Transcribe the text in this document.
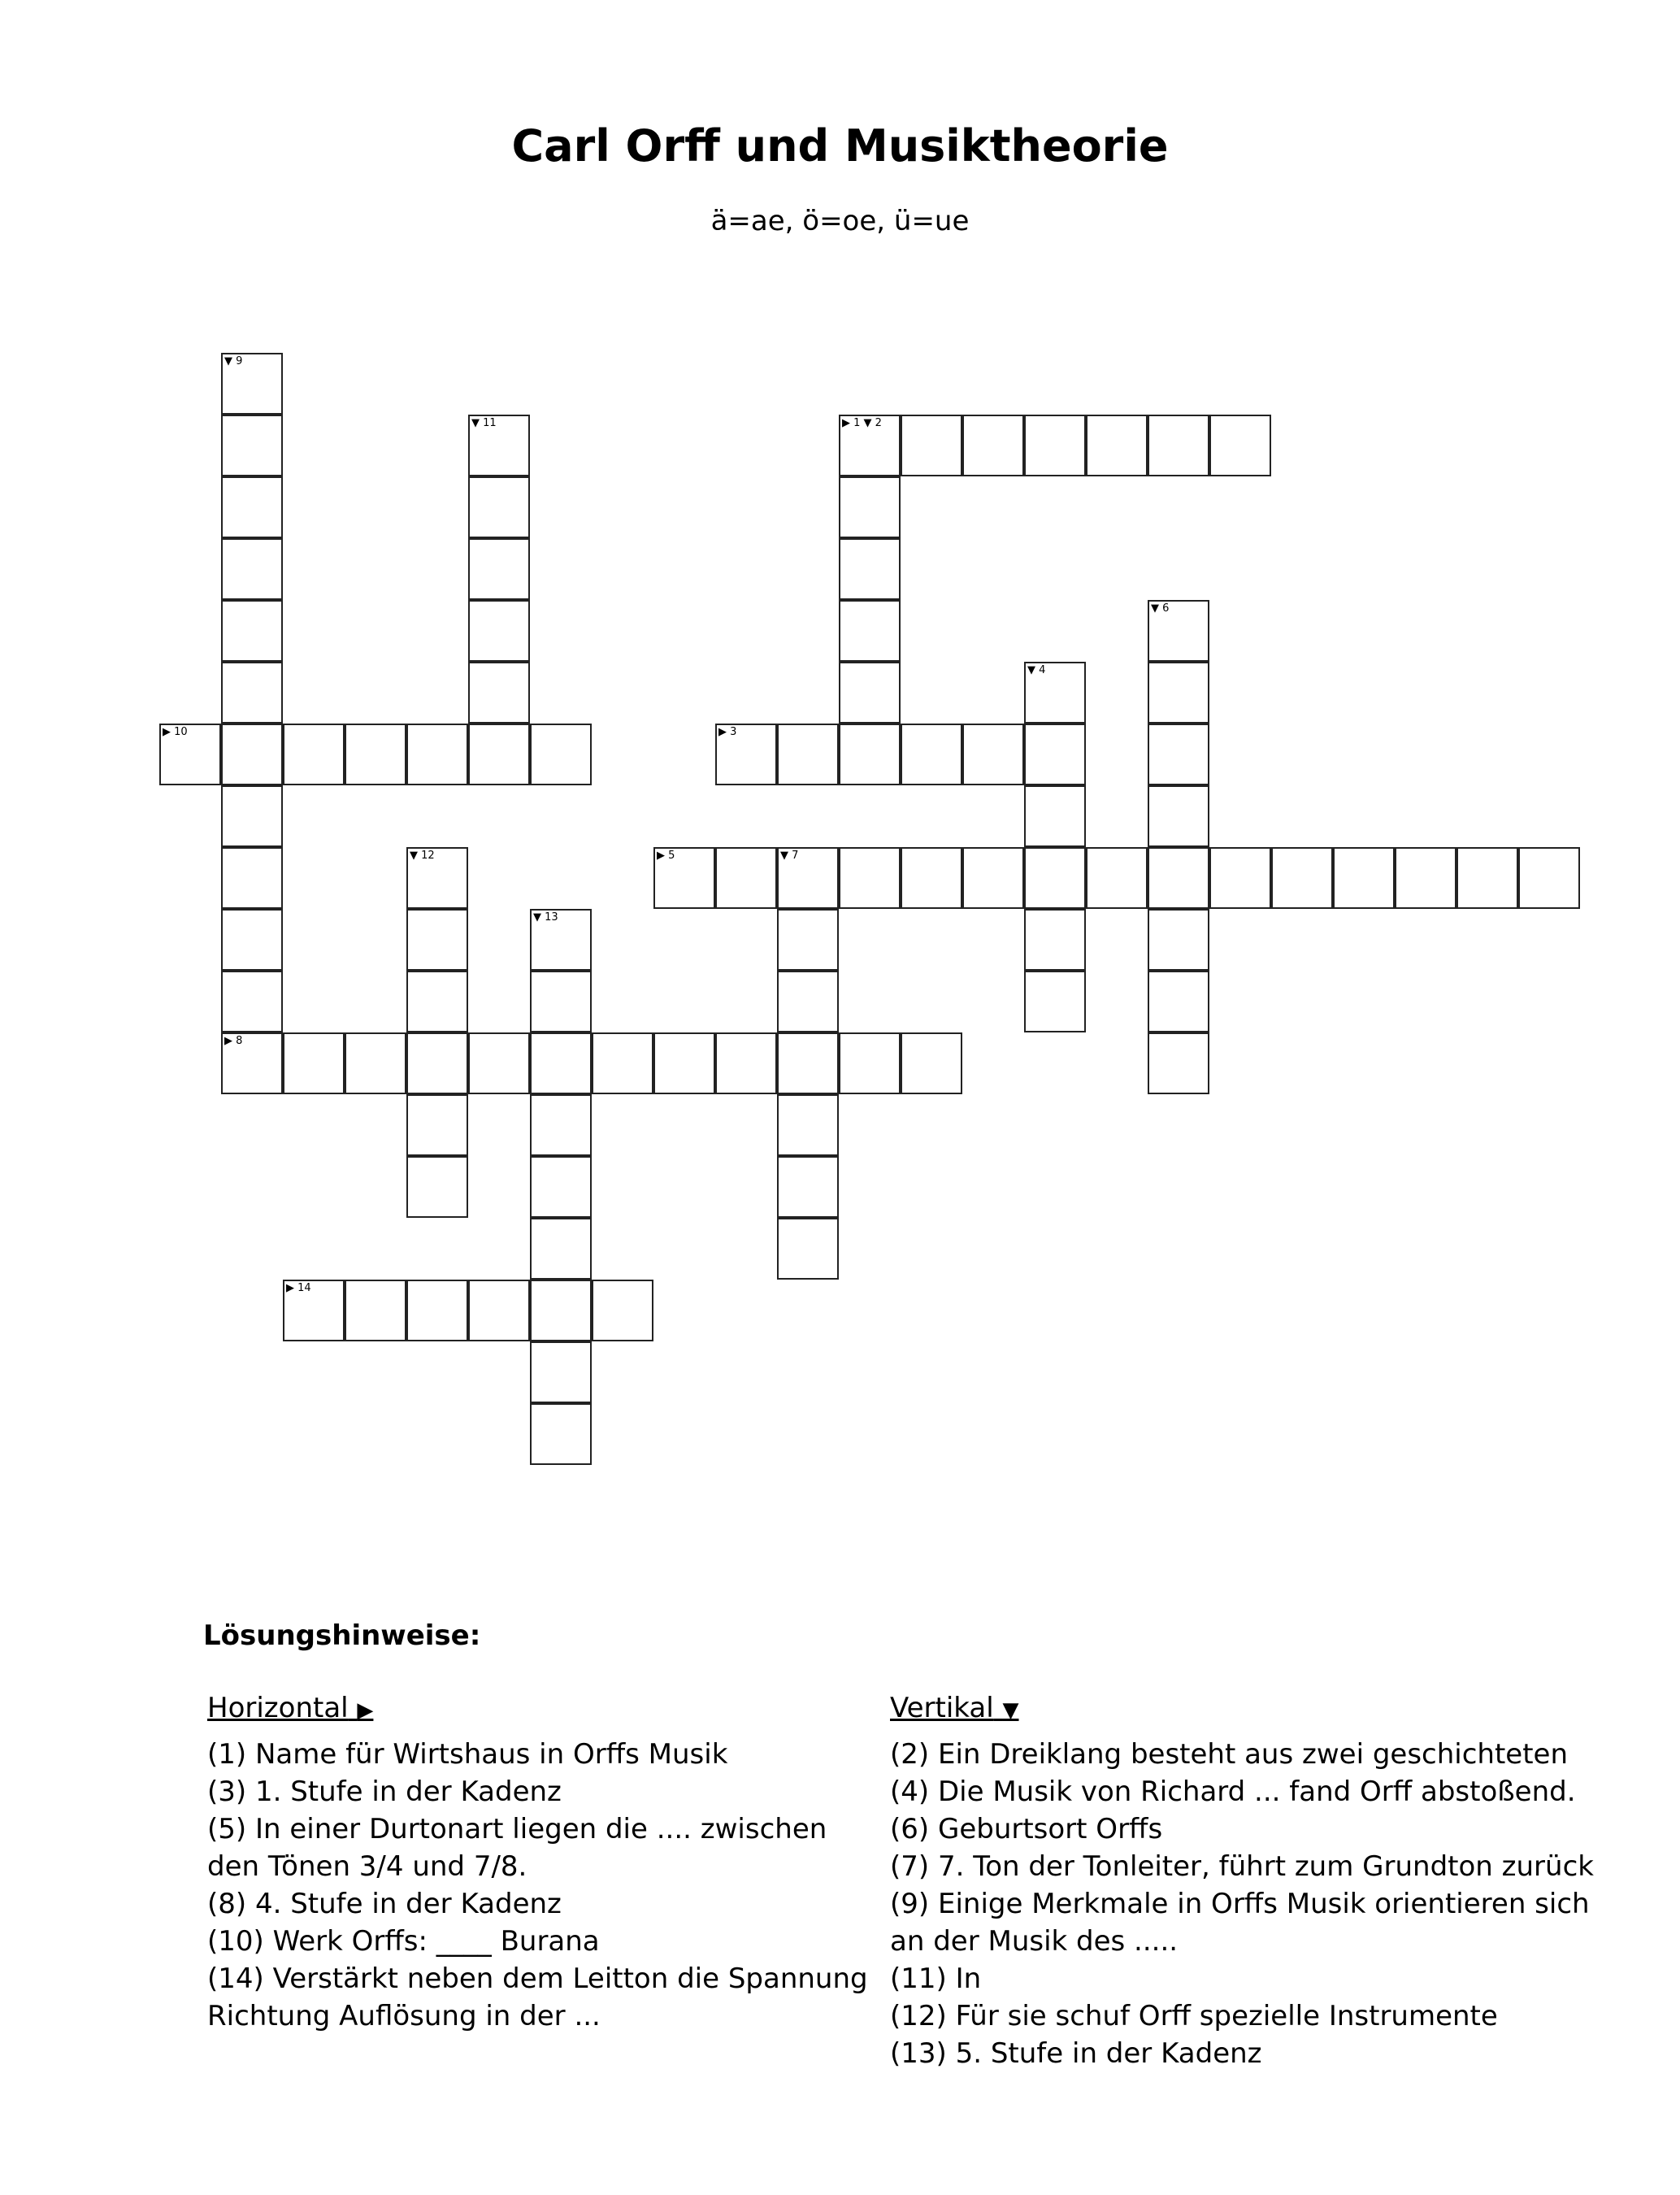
Carl Orff und Musiktheorie
ä=ae, ö=oe, ü=ue
▶ 1 ▼ 2
▶ 3
▼ 4
▶ 5	▼ 7
▼ 6
▶ 8
▼ 9
▶ 10
▼ 11
▼ 12
▼ 13
▶ 14
Lösungshinweise:
Horizontal ▶
(1) Name für Wirtshaus in Orffs Musik
(3) 1. Stufe in der Kadenz
(5) In einer Durtonart liegen die .... zwischen den Tönen 3/4 und 7/8.
(8) 4. Stufe in der Kadenz
(10) Werk Orffs: ____ Burana
(14) Verstärkt neben dem Leitton die Spannung Richtung Auflösung in der ...
Vertikal ▼
(2) Ein Dreiklang besteht aus zwei geschichteten
(4) Die Musik von Richard ... fand Orff abstoßend.
(6) Geburtsort Orffs
(7) 7. Ton der Tonleiter, führt zum Grundton zurück
(9) Einige Merkmale in Orffs Musik orientieren sich an der Musik des .....
(11) In
(12) Für sie schuf Orff spezielle Instrumente
(13) 5. Stufe in der Kadenz
